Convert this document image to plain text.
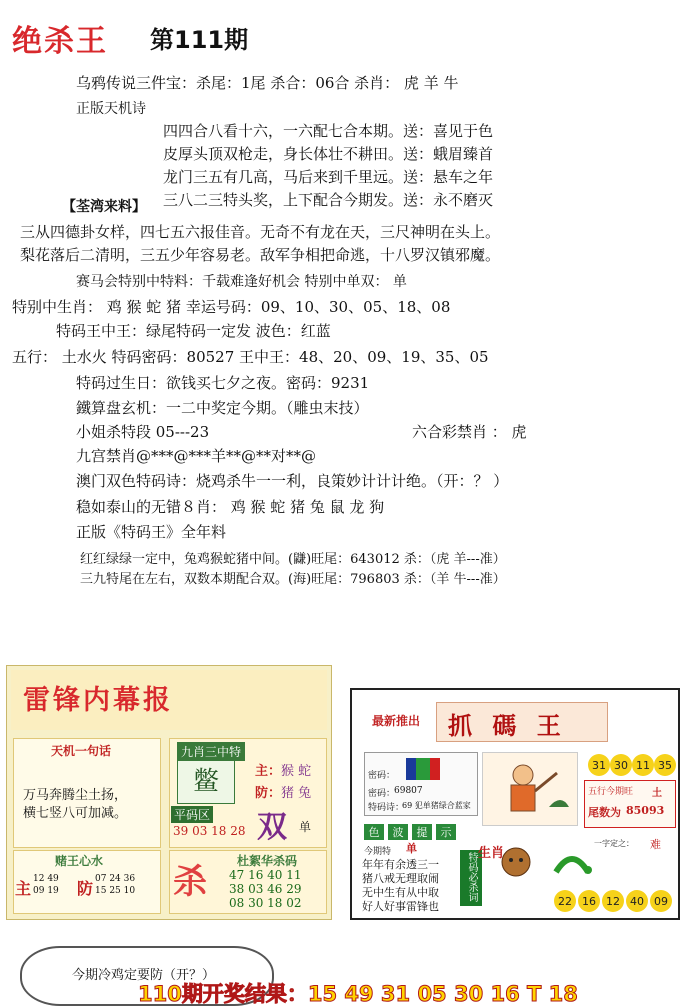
绝杀王 第111期
乌鸦传说三件宝：杀尾：1尾 杀合：06合 杀肖： 虎 羊 牛
正版天机诗
四四合八看十六，一六配七合本期。送：喜见于色
皮厚头顶双枪走，身长体壮不耕田。送：蛾眉臻首
龙门三五有几高，马后来到千里远。送：悬车之年
三八二三特头奖，上下配合今期发。送：永不磨灭
【荃湾来料】
三从四德卦女样，四七五六报佳音。无奇不有龙在天，三尺神明在头上。
梨花落后二清明，三五少年容易老。敌军争相把命逃，十八罗汉镇邪魔。
赛马会特别中特料：千载难逢好机会 特别中单双： 单
特别中生肖： 鸡 猴 蛇 猪 幸运号码：09、10、30、05、18、08
特码王中王：绿尾特码一定发 波色：红蓝
五行： 土水火 特码密码：80527 王中王：48、20、09、19、35、05
特码过生日：欲钱买七夕之夜。密码：9231
鐵算盘玄机：一二中奖定今期。（雕虫末技）
小姐杀特段 05---23	六合彩禁肖 ： 虎
九宫禁肖@***@***羊**@**对**@
澳门双色特码诗：烧鸡杀牛一一利，良策妙计计计绝。（开：？ ）
稳如泰山的无错８肖： 鸡 猴 蛇 猪 兔 鼠 龙 狗
正版《特码王》全年料
红红绿绿一定中，兔鸡猴蛇猪中间。(鼸)旺尾：643012 杀：（虎 羊---准）
三九特尾在左右，双数本期配合双。(海)旺尾：796803 杀：（羊 牛---准）
雷锋内幕报
天机一句话
万马奔腾尘土扬，
横七竖八可加减。
九肖三中特
鳖
平码区
39 03 18 28
主： 猴 蛇
防： 猪 兔
双 单
赌王心水
主	防
12 49
09 19
07 24 36
15 25 10 杀
杜絮华杀码
47 16 40 11
38 03 46 29
08 30 18 02
最新推出 抓 碼 王
密码：
密码：
69807
特码诗：
69 犯单猪绿合蓝家
31 30 11 35
五行今期旺 土
尾数为 85093
色	波	提	示
今期特 单
年年有余透三一
猪八戒无理取闹
无中生有从中取
好人好事雷锋也
特码必杀词 生肖
一字定之： 难
22 16 12 40 09
今期冷鸡定要防（开？）
110期开奖结果：15 49 31 05 30 16 T 18
